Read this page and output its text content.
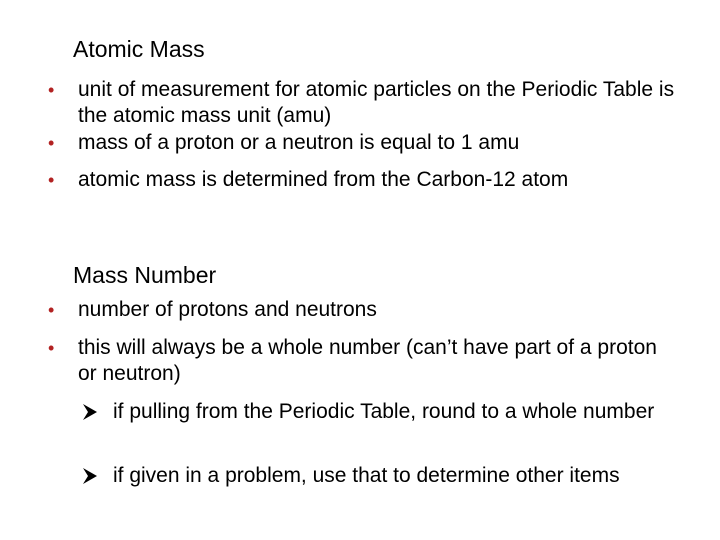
Atomic Mass
•	unit of measurement for atomic particles on the Periodic Table is the atomic mass unit (amu)
•	mass of a proton or a neutron is equal to 1 amu
•	atomic mass is determined from the Carbon-12 atom
Mass Number
•	number of protons and neutrons
•	this will always be a whole number (can’t have part of a proton or neutron)
if pulling from the Periodic Table, round to a whole number
if given in a problem, use that to determine other items
